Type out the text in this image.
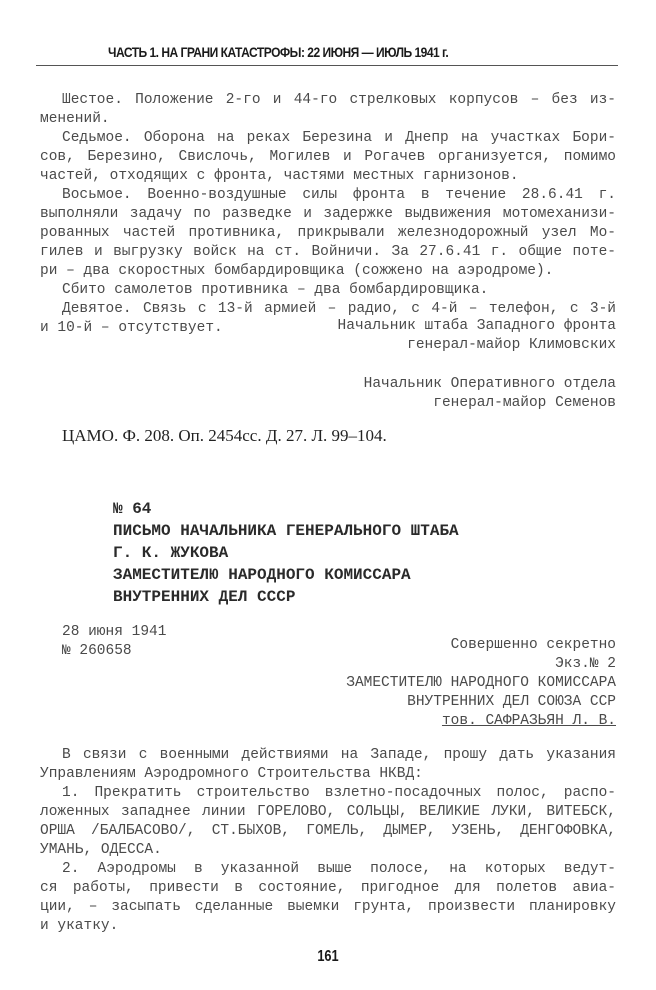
ЧАСТЬ 1. НА ГРАНИ КАТАСТРОФЫ: 22 ИЮНЯ — ИЮЛЬ 1941 г.
Шестое. Положение 2-го и 44-го стрелковых корпусов – без из-
менений.
Седьмое. Оборона на реках Березина и Днепр на участках Бори-
сов, Березино, Свислочь, Могилев и Рогачев организуется, помимо
частей, отходящих с фронта, частями местных гарнизонов.
Восьмое. Военно-воздушные силы фронта в течение 28.6.41 г.
выполняли задачу по разведке и задержке выдвижения мотомеханизи-
рованных частей противника, прикрывали железнодорожный узел Мо-
гилев и выгрузку войск на ст. Войничи. За 27.6.41 г. общие поте-
ри – два скоростных бомбардировщика (сожжено на аэродроме).
Сбито самолетов противника – два бомбардировщика.
Девятое. Связь с 13-й армией – радио, с 4-й – телефон, с 3-й
и 10-й – отсутствует.	Начальник штаба Западного фронта
генерал-майор Климовских
Начальник Оперативного отдела
генерал-майор Семенов
ЦАМО. Ф. 208. Оп. 2454сс. Д. 27. Л. 99–104.
№ 64
ПИСЬМО НАЧАЛЬНИКА ГЕНЕРАЛЬНОГО ШТАБА
Г. К. ЖУКОВА
ЗАМЕСТИТЕЛЮ НАРОДНОГО КОМИССАРА
ВНУТРЕННИХ ДЕЛ СССР
28 июня 1941
№ 260658	Совершенно секретно
Экз.№ 2
ЗАМЕСТИТЕЛЮ НАРОДНОГО КОМИССАРА
ВНУТРЕННИХ ДЕЛ СОЮЗА ССР
тов. САФРАЗЬЯН Л. В.
В связи с военными действиями на Западе, прошу дать указания
Управлениям Аэродромного Строительства НКВД:
1. Прекратить строительство взлетно-посадочных полос, распо-
ложенных западнее линии ГОРЕЛОВО, СОЛЬЦЫ, ВЕЛИКИЕ ЛУКИ, ВИТЕБСК,
ОРША /БАЛБАСОВО/, СТ.БЫХОВ, ГОМЕЛЬ, ДЫМЕР, УЗЕНЬ, ДЕНГОФОВКА,
УМАНЬ, ОДЕССА.
2. Аэродромы в указанной выше полосе, на которых ведут-
ся работы, привести в состояние, пригодное для полетов авиа-
ции, – засыпать сделанные выемки грунта, произвести планировку
и укатку.
161
